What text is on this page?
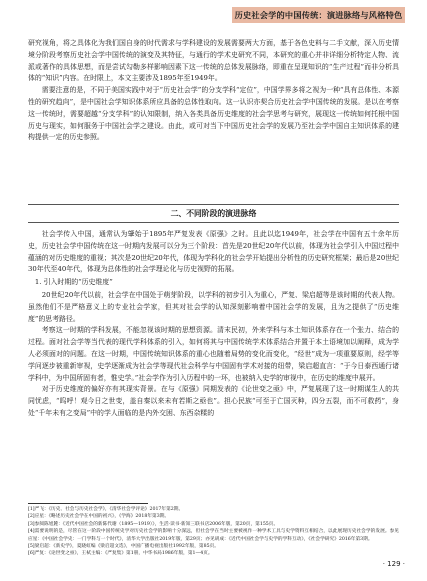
历史社会学的中国传统：演进脉络与风格特色

研究视角，将之具体化为我们国自身的时代需求与学科建设的发展需要两大方面，基于各色史料与二手文献，深入历史情境分阶段考察历史社会学中国传统的演变及其特征，与通行的学术史研究不同，本研究的重心并非详细分析特定人物、流派或著作的具体思想，而是尝试勾勒多样影响因素下这一传统的总体发展脉络，即重在呈现知识的“生产过程”而非分析具体的“知识”内容。在时限上，本文主要涉及1895年至1949年。

需要注意的是，不同于美国实践中对于“历史社会学”的分支学科“定位”，中国学界多将之视为一种“具有总体性、本源性的研究趋向”，是中国社会学知识体系所应具备的总体性取向。这一认识亦契合历史社会学中国传统的发展。是以在考察这一传统时，需要超越“分支学科”的认知限制，纳入各类具备历史维度的社会学思考与研究，展现这一传统如何托根中国历史与现实，如何服务于中国社会学之建设。由此，或可对当下中国历史社会学的发展乃至社会学中国自主知识体系的建构提供一定的历史参照。

二、不同阶段的演进脉络

社会学传入中国，通常认为肇始于1895年严复发表《原强》之时。且此以迄1949年，社会学在中国有五十余年历史，历史社会学中国传统在这一时期内发展可以分为三个阶段：首先是20世纪20年代以前，体现为社会学引入中国过程中蕴涵的对历史维度的重视；其次是20世纪20年代，体现为学科化的社会学开始提出分析性的历史研究框架；最后是20世纪30年代至40年代，体现为总体性的社会学理论化与历史视野的拓展。

1. 引入时期的“历史维度”

20世纪20年代以前，社会学在中国处于萌芽阶段，以学科的初步引入为重心，严复、梁启超等是该时期的代表人物。虽然他们不是严格意义上的专业社会学家，但其对社会学的认知深刻影响着中国社会学的发展，且为之提供了“历史维度”的思考路径。

考察这一时期的学科发展，不能忽视该时期的思想资源。清末民初，外来学科与本土知识体系存在一个张力、结合的过程。面对社会学等当代表的现代学科体系的引入，如何将其与中国传统学术体系结合并置于本土语境加以阐释，成为学人必须面对的问题。在这一时期，中国传统知识体系的重心也随着局势的变化而变化，“经世”成为一项重要原则，经学等学问逐步被重新审视，史学逐渐成为社会学等现代社会科学与中国固有学术对接的纽带，梁启超直言：“于今日泰西通行诸学科中，为中国所固有者，惟史学。”社会学作为引入历程中的一环，也被纳入史学的审视中，在历史的维度中展开。

对于历史维度的偏好亦有其现实背景。在与《原强》同期发表的《论世变之亟》中，严复展现了这一时期谋生人的共同忧虑，“呜呼！观今日之世变，盖自秦以来未有若斯之亟也”。担心民族“可至于亡国灭种，四分五裂，而不可救药”，身处“千年未有之变局”中的学人面临的是内外交困、东西杂糅的

[1]严飞：《历史、社会与历史社会学》，《清华社会学评论》2017年第2期。

[2]应星：《略述历史社会学在中国的初兴》，《学海》2018年第3期。

[3]参阅陈旭麓：《近代中国社会的新陈代谢（1895—1919）》，生活·读书·新知三联书店2006年版，第20页，第155页。

[4]需要说明的是，尽管在这一阶段中国传统史学对历史社会学的影响十分深远，但社会学在当时主要被视作一种学术工具与史学资料互相结合，以此展现历史社会学的发展。参见应星：《中国社会学史：一门学科与一个时代》，清华大学出版社2019年版，第29页；亦见胡成：《近代中国社会学与史学的学科互动》，《社会学研究》2016年第3期。

[5]梁启超：《新史学》，夏晓虹编《梁启超文选》，中国广播电视出版社1992年版，第85页。

[6]严复：《论世变之亟》，王栻主编：《严复集》第1册，中华书局1986年版，第1—4页。

· 129 ·
